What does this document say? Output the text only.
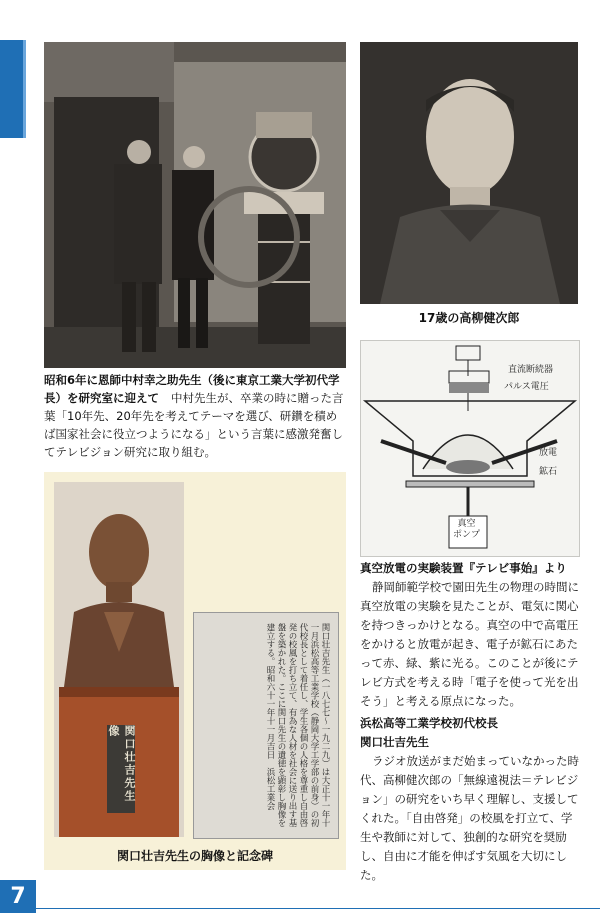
17歳の高柳健次郎
昭和6年に恩師中村幸之助先生（後に東京工業大学初代学長）を研究室に迎えて 中村先生が、卒業の時に贈った言葉「10年先、20年先を考えてテーマを選び、研鑽を積めば国家社会に役立つようになる」という言葉に感激発奮してテレビジョン研究に取り組む。
直流断続器
パルス電圧
放電
鉱石
真空
ポンプ
真空放電の実験装置『テレビ事始』より
静岡師範学校で園田先生の物理の時間に真空放電の実験を見たことが、電気に関心を持つきっかけとなる。真空の中で高電圧をかけると放電が起き、電子が鉱石にあたって赤、緑、紫に光る。このことが後にテレビ方式を考える時「電子を使って光を出そう」と考える原点になった。
浜松高等工業学校初代校長
関口壮吉先生
ラジオ放送がまだ始まっていなかった時代、高柳健次郎の「無線遠視法＝テレビジョン」の研究をいち早く理解し、支援してくれた。「自由啓発」の校風を打立て、学生や教師に対して、独創的な研究を奨励し、自由に才能を伸ばす気風を大切にした。
関口壮吉先生像	関口壮吉先生（一八七七〜一九二九）は大正十一年十一月浜松高等工業学校（静岡大学工学部の前身）の初代校長として着任し、学生各個の人格を尊重し自由啓発の校風を打ち立て、有為な人材を社会に送り出す基盤を築かれた。ここに関口先生の遺徳を顕彰し胸像を建立する。昭和六十一年十一月吉日　浜松工業会
関口壮吉先生の胸像と記念碑
7
